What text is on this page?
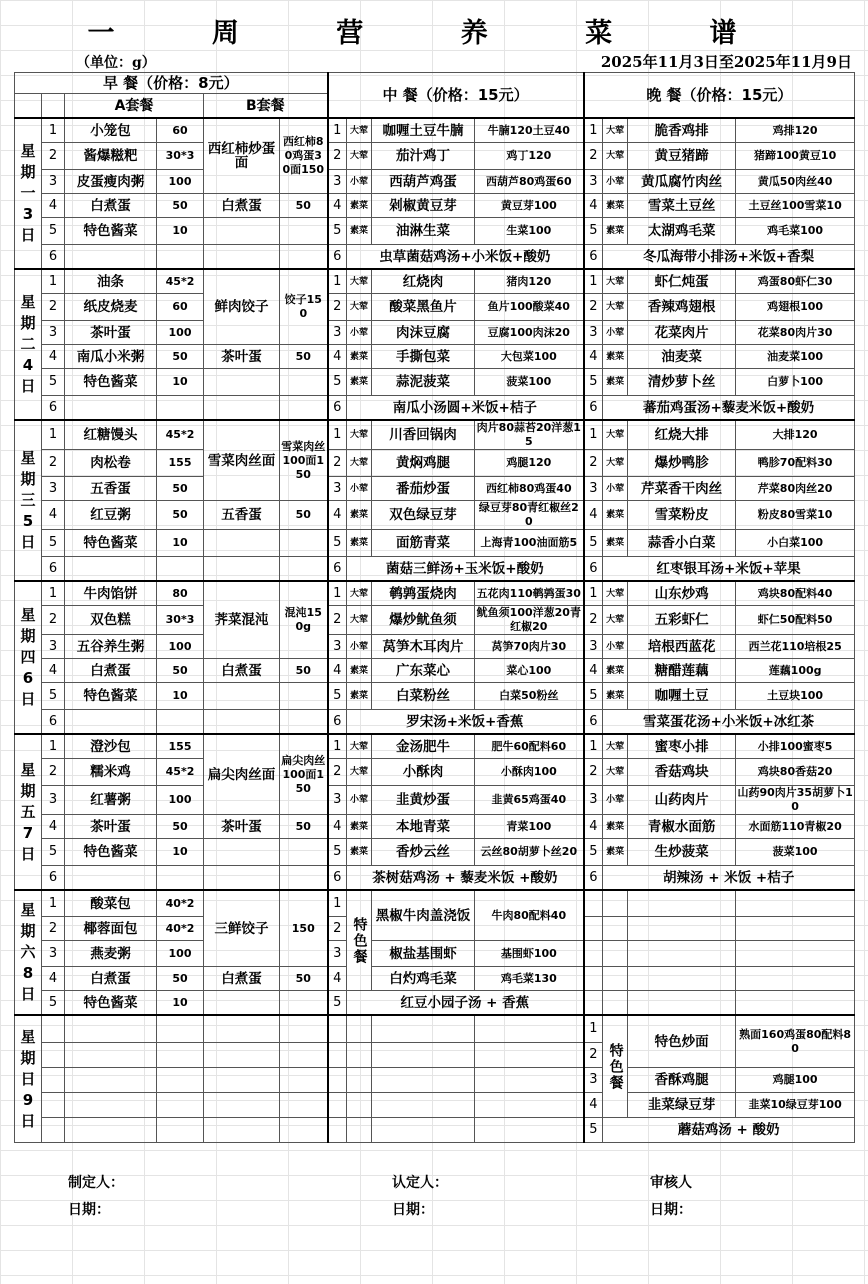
一 周 营 养 菜 谱
（单位：g）	2025年11月3日至2025年11月9日
早 餐（价格：8元）						中 餐（价格：15元）				晚 餐（价格：15元）			
		A套餐		B套餐									
星期一3日	1	小笼包	60	西红柿炒蛋面	西红柿80鸡蛋30面150	1	大荤	咖喱土豆牛腩	牛腩120土豆40	1	大荤	脆香鸡排	鸡排120
	2	酱爆糍粑	30*3			2	大荤	茄汁鸡丁	鸡丁120	2	大荤	黄豆猪蹄	猪蹄100黄豆10
	3	皮蛋瘦肉粥	100			3	小荤	西葫芦鸡蛋	西葫芦80鸡蛋60	3	小荤	黄瓜腐竹肉丝	黄瓜50肉丝40
	4	白煮蛋	50	白煮蛋	50	4	素菜	剁椒黄豆芽	黄豆芽100	4	素菜	雪菜土豆丝	土豆丝100雪菜10
	5	特色酱菜	10			5	素菜	油淋生菜	生菜100	5	素菜	太湖鸡毛菜	鸡毛菜100
	6					6	虫草菌菇鸡汤+小米饭+酸奶			6	冬瓜海带小排汤+米饭+香梨		
星期二4日	1	油条	45*2	鲜肉饺子	饺子150	1	大荤	红烧肉	猪肉120	1	大荤	虾仁炖蛋	鸡蛋80虾仁30
	2	纸皮烧麦	60			2	大荤	酸菜黑鱼片	鱼片100酸菜40	2	大荤	香辣鸡翅根	鸡翅根100
	3	茶叶蛋	100			3	小荤	肉沫豆腐	豆腐100肉沫20	3	小荤	花菜肉片	花菜80肉片30
	4	南瓜小米粥	50	茶叶蛋	50	4	素菜	手撕包菜	大包菜100	4	素菜	油麦菜	油麦菜100
	5	特色酱菜	10			5	素菜	蒜泥菠菜	菠菜100	5	素菜	清炒萝卜丝	白萝卜100
	6					6	南瓜小汤圆+米饭+桔子			6	蕃茄鸡蛋汤+藜麦米饭+酸奶		
星期三5日	1	红糖馒头	45*2	雪菜肉丝面	雪菜肉丝100面150	1	大荤	川香回锅肉	肉片80蒜苔20洋葱15	1	大荤	红烧大排	大排120
	2	肉松卷	155			2	大荤	黄焖鸡腿	鸡腿120	2	大荤	爆炒鸭胗	鸭胗70配料30
	3	五香蛋	50			3	小荤	番茄炒蛋	西红柿80鸡蛋40	3	小荤	芹菜香干肉丝	芹菜80肉丝20
	4	红豆粥	50	五香蛋	50	4	素菜	双色绿豆芽	绿豆芽80青红椒丝20	4	素菜	雪菜粉皮	粉皮80雪菜10
	5	特色酱菜	10			5	素菜	面筋青菜	上海青100油面筋5	5	素菜	蒜香小白菜	小白菜100
	6					6	菌菇三鲜汤+玉米饭+酸奶			6	红枣银耳汤+米饭+苹果		
星期四6日	1	牛肉馅饼	80	荠菜混沌	混沌150g	1	大荤	鹌鹑蛋烧肉	五花肉110鹌鹑蛋30	1	大荤	山东炒鸡	鸡块80配料40
	2	双色糕	30*3			2	大荤	爆炒鱿鱼须	鱿鱼须100洋葱20青红椒20	2	大荤	五彩虾仁	虾仁50配料50
	3	五谷养生粥	100			3	小荤	莴笋木耳肉片	莴笋70肉片30	3	小荤	培根西蓝花	西兰花110培根25
	4	白煮蛋	50	白煮蛋	50	4	素菜	广东菜心	菜心100	4	素菜	糖醋莲藕	莲藕100g
	5	特色酱菜	10			5	素菜	白菜粉丝	白菜50粉丝	5	素菜	咖喱土豆	土豆块100
	6					6	罗宋汤+米饭+香蕉			6	雪菜蛋花汤+小米饭+冰红茶		
星期五7日	1	澄沙包	155	扁尖肉丝面	扁尖肉丝100面150	1	大荤	金汤肥牛	肥牛60配料60	1	大荤	蜜枣小排	小排100蜜枣5
	2	糯米鸡	45*2			2	大荤	小酥肉	小酥肉100	2	大荤	香菇鸡块	鸡块80香菇20
	3	红薯粥	100			3	小荤	韭黄炒蛋	韭黄65鸡蛋40	3	小荤	山药肉片	山药90肉片35胡萝卜10
	4	茶叶蛋	50	茶叶蛋	50	4	素菜	本地青菜	青菜100	4	素菜	青椒水面筋	水面筋110青椒20
	5	特色酱菜	10			5	素菜	香炒云丝	云丝80胡萝卜丝20	5	素菜	生炒菠菜	菠菜100
	6					6	茶树菇鸡汤 + 藜麦米饭 +酸奶			6	胡辣汤 + 米饭 +桔子		
星期六8日	1	酸菜包	40*2	三鲜饺子	150	1	特色餐	黑椒牛肉盖浇饭	牛肉80配料40				
	2	椰蓉面包	40*2			2							
	3	燕麦粥	100			3		椒盐基围虾	基围虾100				
	4	白煮蛋	50	白煮蛋	50	4		白灼鸡毛菜	鸡毛菜130				
	5	特色酱菜	10			5	红豆小园子汤 + 香蕉						
星期日9日										1	特色餐	特色炒面	熟面160鸡蛋80配料80
										2			
										3		香酥鸡腿	鸡腿100
										4		韭菜绿豆芽	韭菜10绿豆芽100
										5	蘑菇鸡汤 + 酸奶		
制定人：	认定人：	审核人
日期：	日期：	日期：
